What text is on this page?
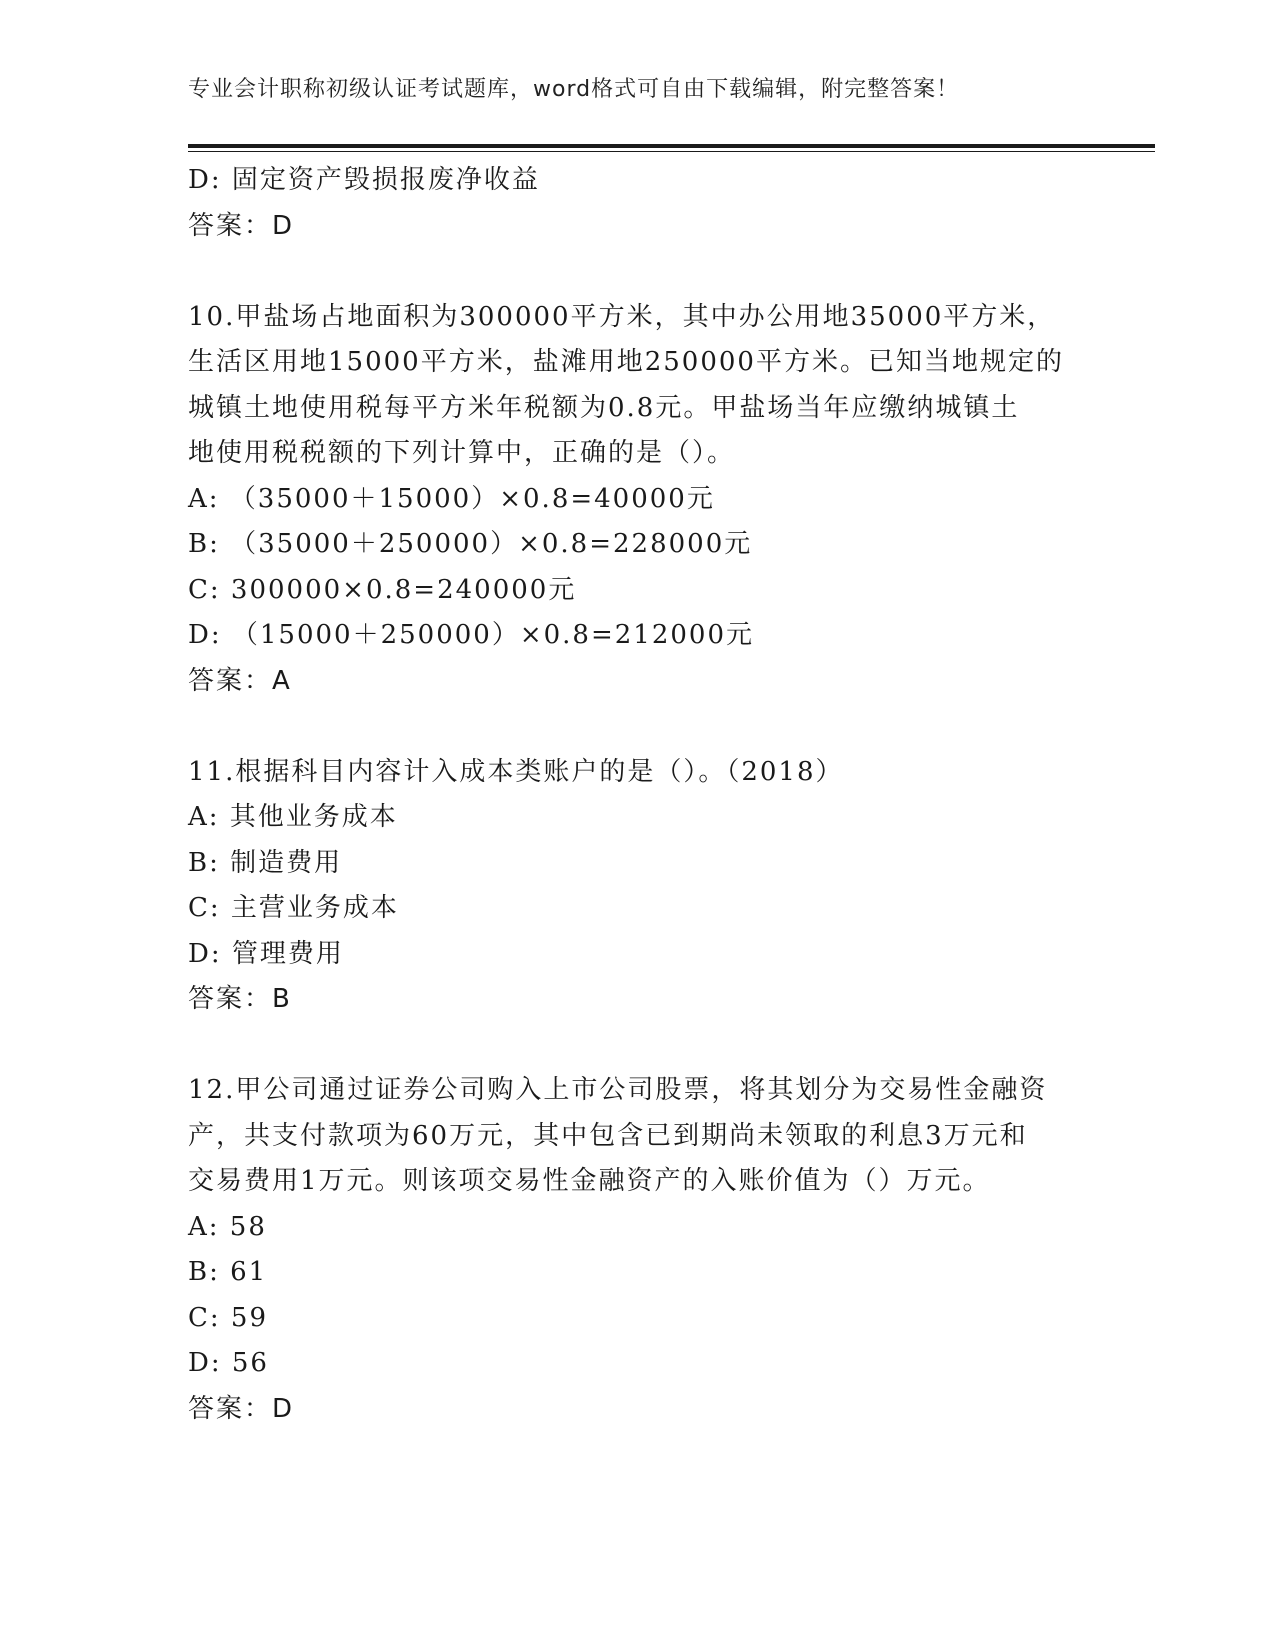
专业会计职称初级认证考试题库，word格式可自由下载编辑，附完整答案！
D: 固定资产毁损报废净收益
答案：D
10.甲盐场占地面积为300000平方米，其中办公用地35000平方米，
生活区用地15000平方米，盐滩用地250000平方米。已知当地规定的
城镇土地使用税每平方米年税额为0.8元。甲盐场当年应缴纳城镇土
地使用税税额的下列计算中，正确的是（）。
A: （35000＋15000）×0.8=40000元
B: （35000＋250000）×0.8=228000元
C: 300000×0.8=240000元
D: （15000＋250000）×0.8=212000元
答案：A
11.根据科目内容计入成本类账户的是（）。（2018）
A: 其他业务成本
B: 制造费用
C: 主营业务成本
D: 管理费用
答案：B
12.甲公司通过证券公司购入上市公司股票，将其划分为交易性金融资
产，共支付款项为60万元，其中包含已到期尚未领取的利息3万元和
交易费用1万元。则该项交易性金融资产的入账价值为（）万元。
A: 58
B: 61
C: 59
D: 56
答案：D
